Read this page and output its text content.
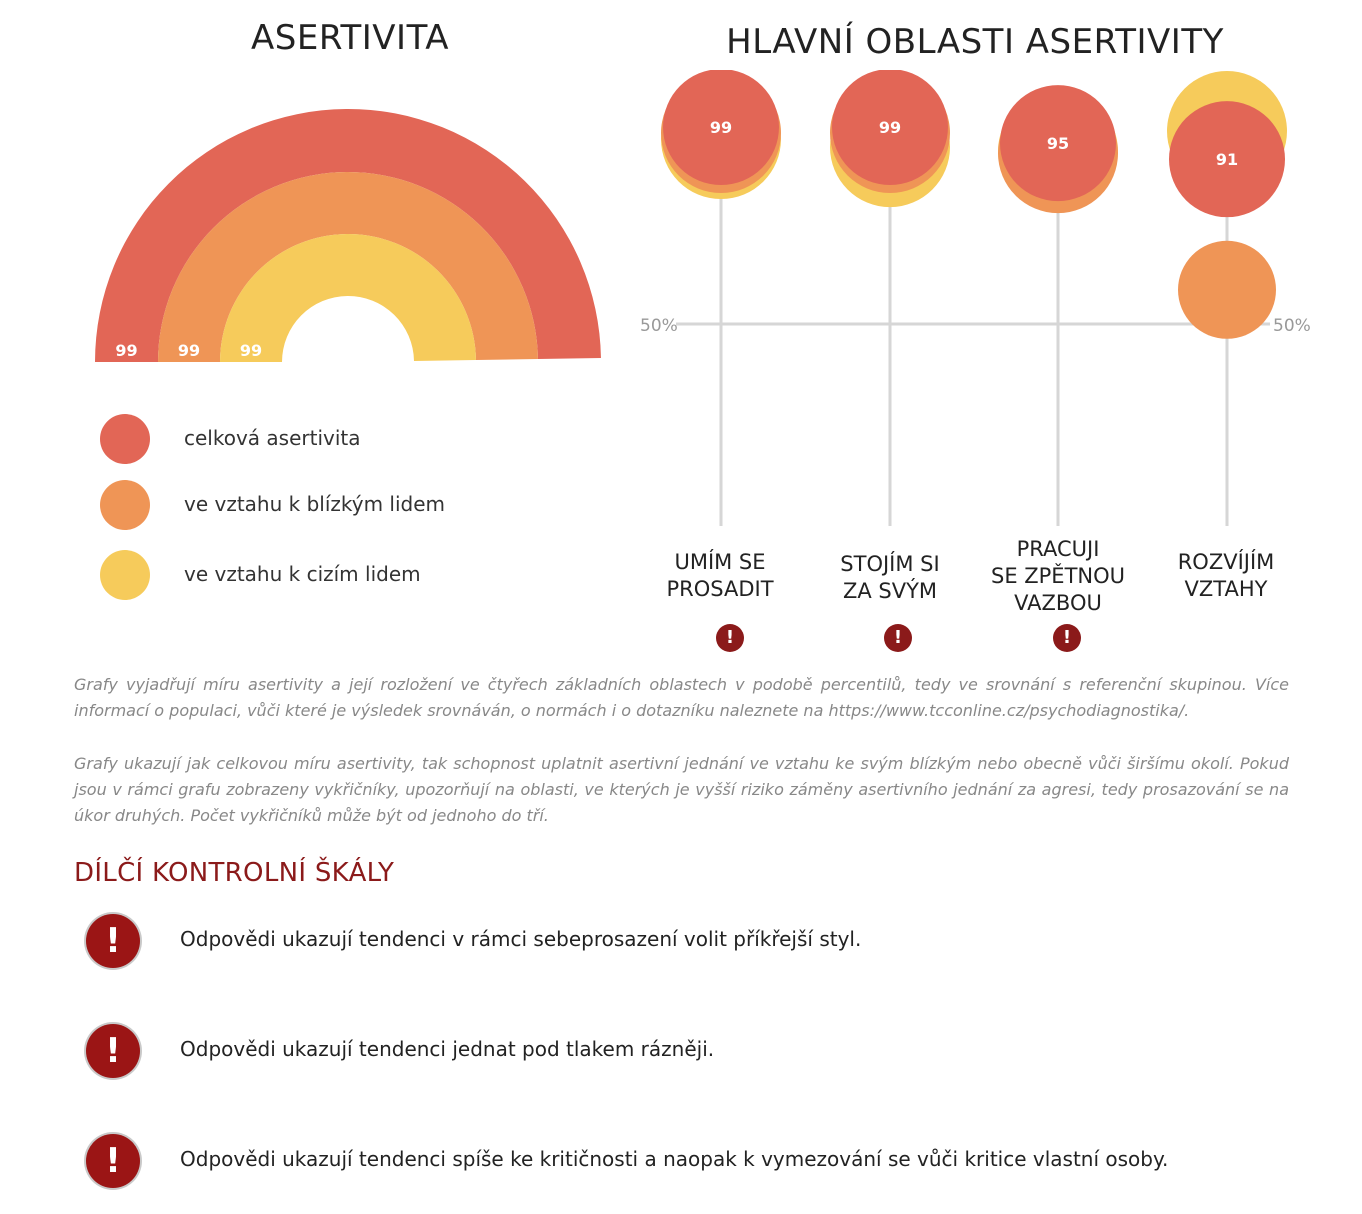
ASERTIVITA	HLAVNÍ OBLASTI ASERTIVITY
99	99 99
celková asertivita
ve vztahu k blízkým lidem
ve vztahu k cizím lidem
50%	50%
99	99
95
91
UMÍM SE
PROSADIT
STOJÍM SI
ZA SVÝM
PRACUJI
SE ZPĚTNOU
VAZBOU
ROZVÍJÍM
VZTAHY
!	!	!
Grafy vyjadřují míru asertivity a její rozložení ve čtyřech základních oblastech v podobě percentilů, tedy ve srovnání s referenční skupinou. Více informací o populaci, vůči které je výsledek srovnáván, o normách i o dotazníku naleznete na https://www.tcconline.cz/psychodiagnostika/.
Grafy ukazují jak celkovou míru asertivity, tak schopnost uplatnit asertivní jednání ve vztahu ke svým blízkým nebo obecně vůči širšímu okolí. Pokud jsou v rámci grafu zobrazeny vykřičníky, upozorňují na oblasti, ve kterých je vyšší riziko záměny asertivního jednání za agresi, tedy prosazování se na úkor druhých. Počet vykřičníků může být od jednoho do tří.
DÍLČÍ KONTROLNÍ ŠKÁLY
!	Odpovědi ukazují tendenci v rámci sebeprosazení volit příkřejší styl.
!	Odpovědi ukazují tendenci jednat pod tlakem rázněji.
!	Odpovědi ukazují tendenci spíše ke kritičnosti a naopak k vymezování se vůči kritice vlastní osoby.
